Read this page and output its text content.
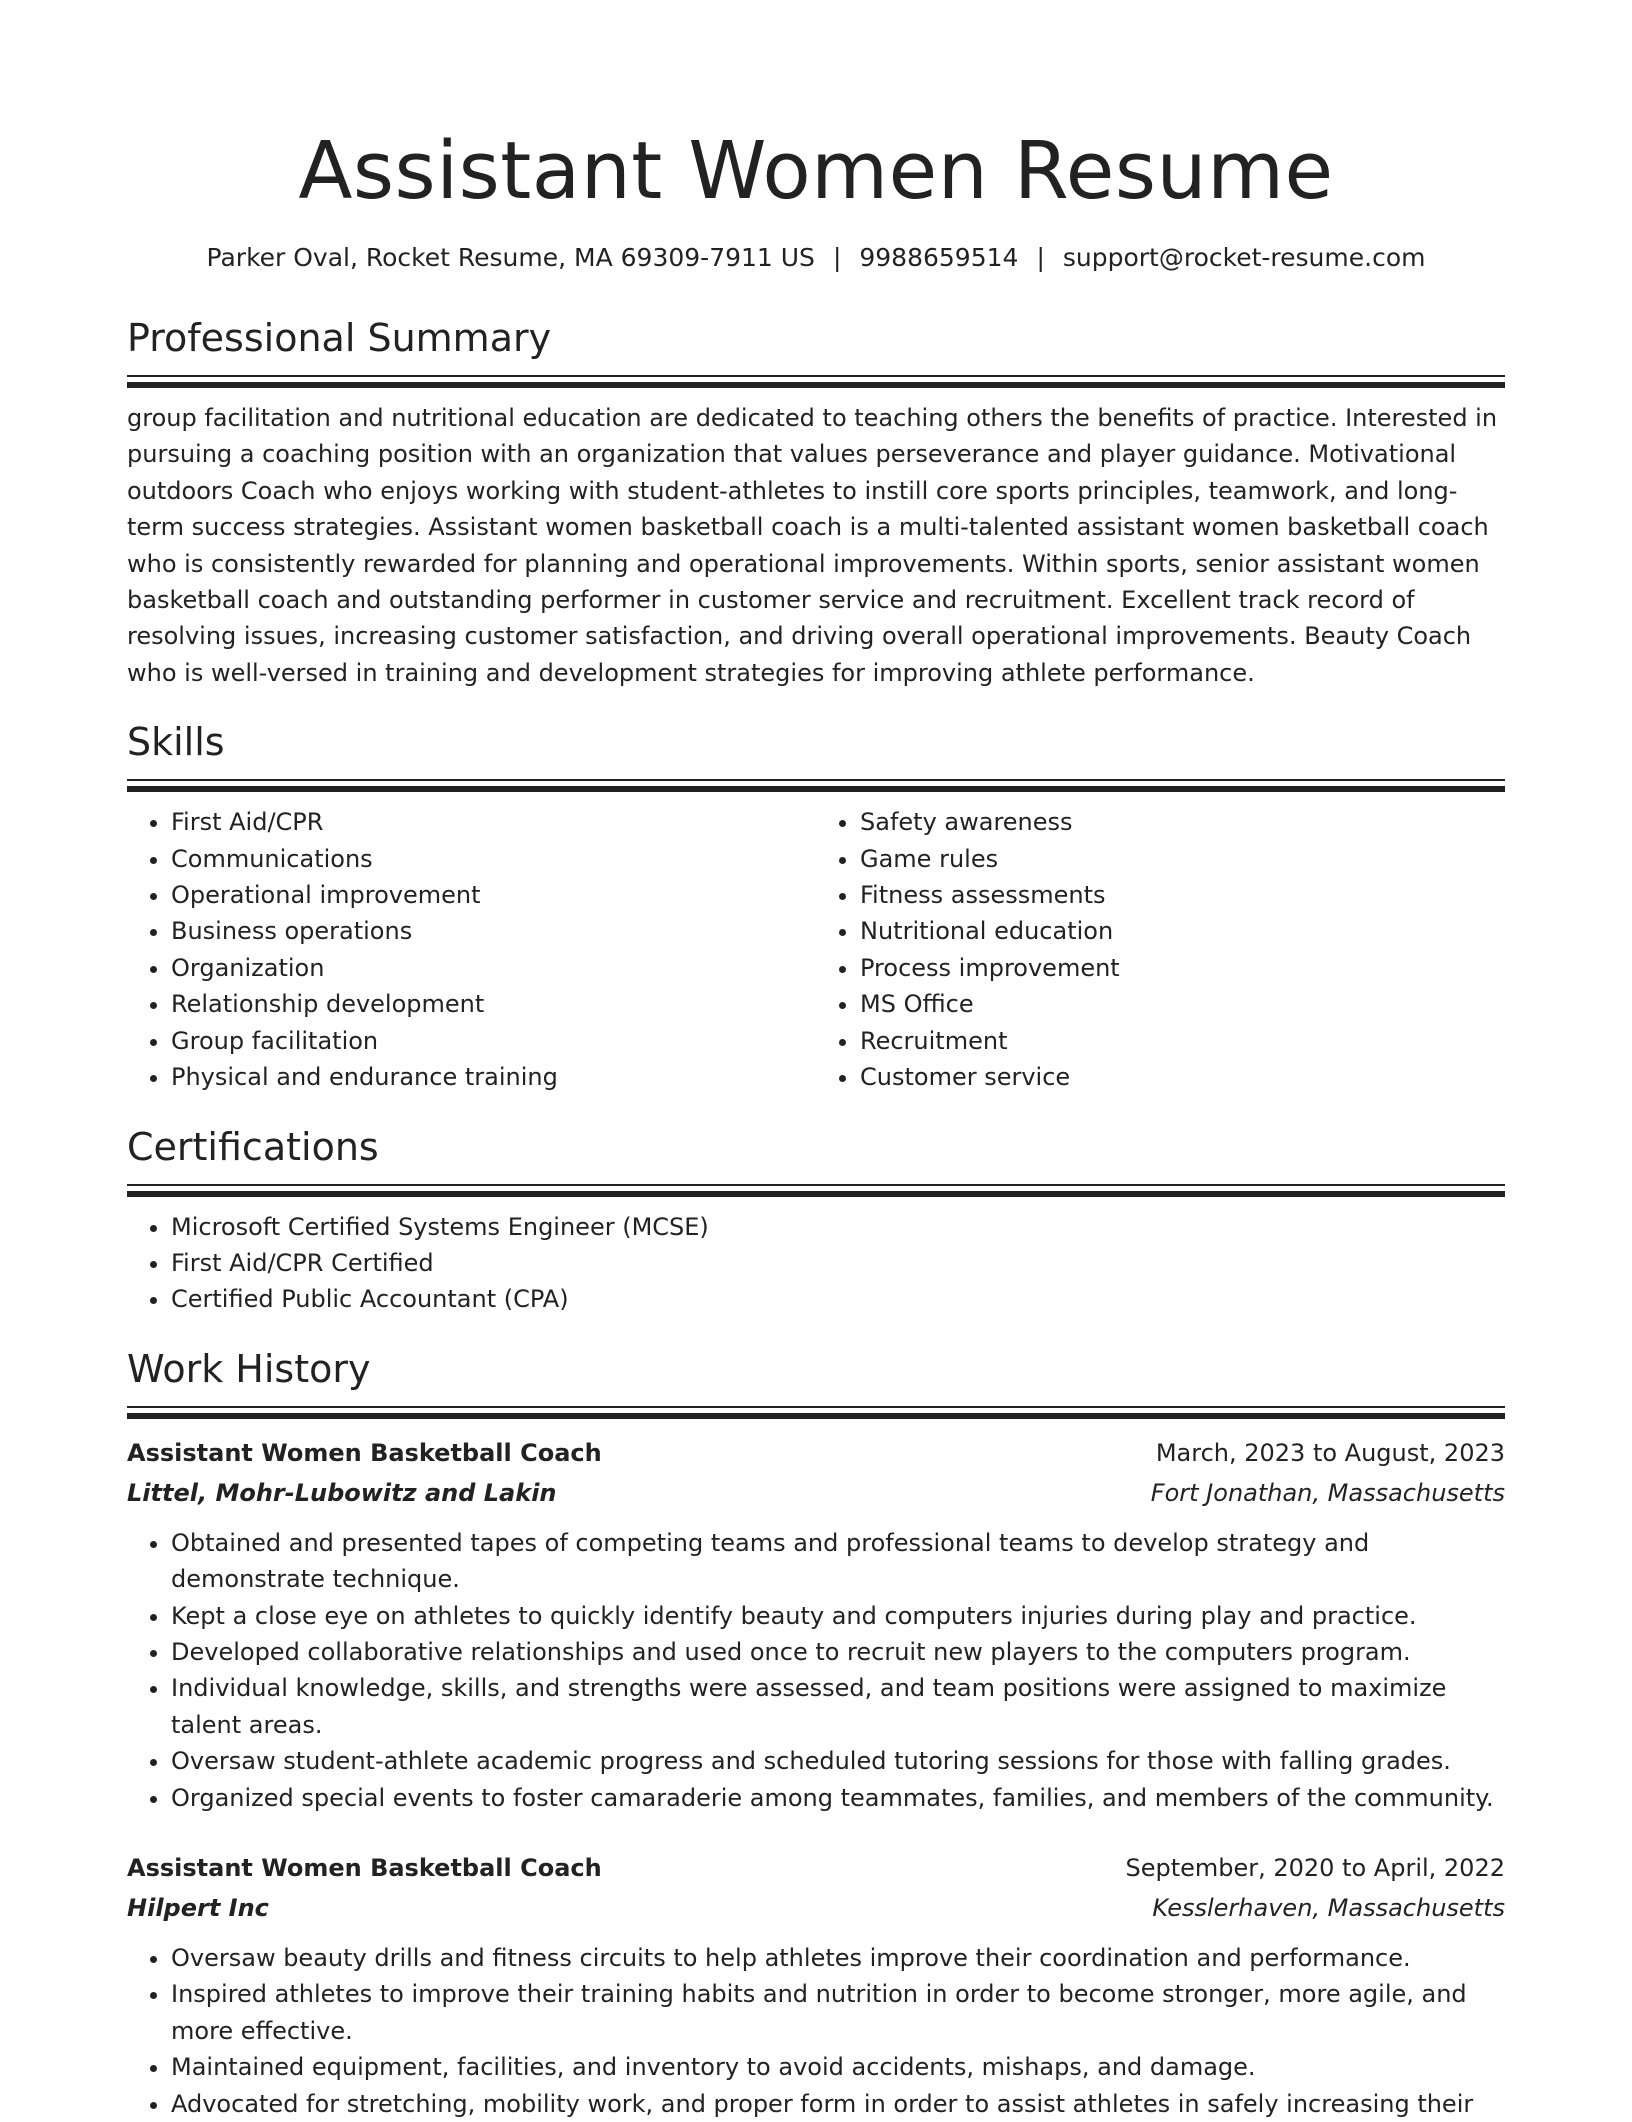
Assistant Women Resume
Parker Oval, Rocket Resume, MA 69309-7911 US | 9988659514 | support@rocket-resume.com
Professional Summary
group facilitation and nutritional education are dedicated to teaching others the benefits of practice. Interested in pursuing a coaching position with an organization that values perseverance and player guidance. Motivational outdoors Coach who enjoys working with student-athletes to instill core sports principles, teamwork, and long-term success strategies. Assistant women basketball coach is a multi-talented assistant women basketball coach who is consistently rewarded for planning and operational improvements. Within sports, senior assistant women basketball coach and outstanding performer in customer service and recruitment. Excellent track record of resolving issues, increasing customer satisfaction, and driving overall operational improvements. Beauty Coach who is well-versed in training and development strategies for improving athlete performance.
Skills
• First Aid/CPR
• Communications
• Operational improvement
• Business operations
• Organization
• Relationship development
• Group facilitation
• Physical and endurance training
• Safety awareness
• Game rules
• Fitness assessments
• Nutritional education
• Process improvement
• MS Office
• Recruitment
• Customer service
Certifications
• Microsoft Certified Systems Engineer (MCSE)
• First Aid/CPR Certified
• Certified Public Accountant (CPA)
Work History
Assistant Women Basketball Coach	March, 2023 to August, 2023
Littel, Mohr-Lubowitz and Lakin	Fort Jonathan, Massachusetts
• Obtained and presented tapes of competing teams and professional teams to develop strategy and demonstrate technique.
• Kept a close eye on athletes to quickly identify beauty and computers injuries during play and practice.
• Developed collaborative relationships and used once to recruit new players to the computers program.
• Individual knowledge, skills, and strengths were assessed, and team positions were assigned to maximize talent areas.
• Oversaw student-athlete academic progress and scheduled tutoring sessions for those with falling grades.
• Organized special events to foster camaraderie among teammates, families, and members of the community.
Assistant Women Basketball Coach	September, 2020 to April, 2022
Hilpert Inc	Kesslerhaven, Massachusetts
• Oversaw beauty drills and fitness circuits to help athletes improve their coordination and performance.
• Inspired athletes to improve their training habits and nutrition in order to become stronger, more agile, and more effective.
• Maintained equipment, facilities, and inventory to avoid accidents, mishaps, and damage.
• Advocated for stretching, mobility work, and proper form in order to assist athletes in safely increasing their
